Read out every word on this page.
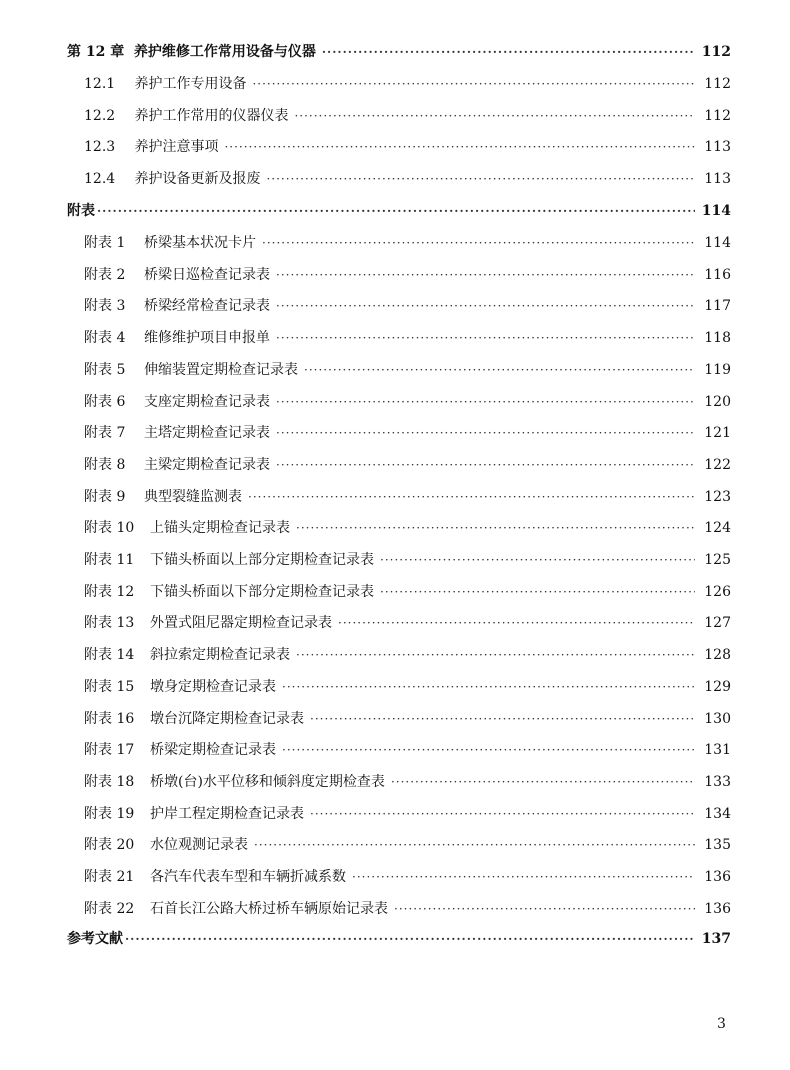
第 12 章 养护维修工作常用设备与仪器 ·····	112
12.1 养护工作专用设备 ·····	112
12.2 养护工作常用的仪器仪表 ·····	112
12.3 养护注意事项 ·····	113
12.4 养护设备更新及报废 ·····	113
附表 ·····	114
附表 1 桥梁基本状况卡片 ·····	114
附表 2 桥梁日巡检查记录表 ·····	116
附表 3 桥梁经常检查记录表 ·····	117
附表 4 维修维护项目申报单 ·····	118
附表 5 伸缩装置定期检查记录表 ·····	119
附表 6 支座定期检查记录表 ·····	120
附表 7 主塔定期检查记录表 ·····	121
附表 8 主梁定期检查记录表 ·····	122
附表 9 典型裂缝监测表 ·····	123
附表 10 上锚头定期检查记录表 ·····	124
附表 11 下锚头桥面以上部分定期检查记录表 ·····	125
附表 12 下锚头桥面以下部分定期检查记录表 ·····	126
附表 13 外置式阻尼器定期检查记录表 ·····	127
附表 14 斜拉索定期检查记录表 ·····	128
附表 15 墩身定期检查记录表 ·····	129
附表 16 墩台沉降定期检查记录表 ·····	130
附表 17 桥梁定期检查记录表 ·····	131
附表 18 桥墩(台)水平位移和倾斜度定期检查表 ·····	133
附表 19 护岸工程定期检查记录表 ·····	134
附表 20 水位观测记录表 ·····	135
附表 21 各汽车代表车型和车辆折减系数 ·····	136
附表 22 石首长江公路大桥过桥车辆原始记录表 ·····	136
参考文献 ·····	137
3
